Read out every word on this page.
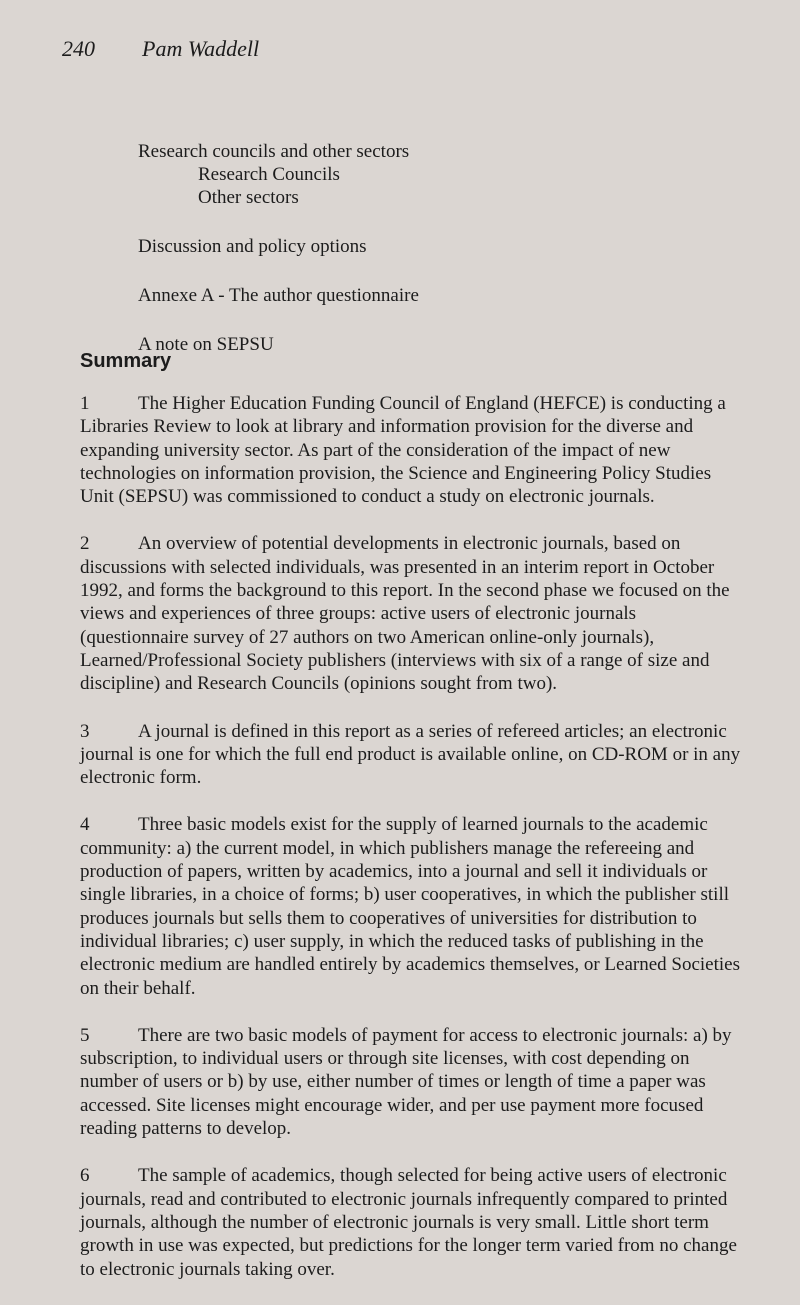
240 Pam Waddell
Research councils and other sectors
Research Councils
Other sectors
Discussion and policy options
Annexe A - The author questionnaire
A note on SEPSU
Summary

1	The Higher Education Funding Council of England (HEFCE) is conducting a Libraries Review to look at library and information provision for the diverse and expanding university sector. As part of the consideration of the impact of new technologies on information provision, the Science and Engineering Policy Studies Unit (SEPSU) was commissioned to conduct a study on electronic journals.

2	An overview of potential developments in electronic journals, based on discussions with selected individuals, was presented in an interim report in October 1992, and forms the background to this report. In the second phase we focused on the views and experiences of three groups: active users of electronic journals (questionnaire survey of 27 authors on two American online-only journals), Learned/Professional Society publishers (interviews with six of a range of size and discipline) and Research Councils (opinions sought from two).

3	A journal is defined in this report as a series of refereed articles; an electronic journal is one for which the full end product is available online, on CD-ROM or in any electronic form.

4	Three basic models exist for the supply of learned journals to the academic community: a) the current model, in which publishers manage the refereeing and production of papers, written by academics, into a journal and sell it individuals or single libraries, in a choice of forms; b) user cooperatives, in which the publisher still produces journals but sells them to cooperatives of universities for distribution to individual libraries; c) user supply, in which the reduced tasks of publishing in the electronic medium are handled entirely by academics themselves, or Learned Societies on their behalf.

5	There are two basic models of payment for access to electronic journals: a) by subscription, to individual users or through site licenses, with cost depending on number of users or b) by use, either number of times or length of time a paper was accessed. Site licenses might encourage wider, and per use payment more focused reading patterns to develop.

6	The sample of academics, though selected for being active users of electronic journals, read and contributed to electronic journals infrequently compared to printed journals, although the number of electronic journals is very small. Little short term growth in use was expected, but predictions for the longer term varied from no change to electronic journals taking over.
